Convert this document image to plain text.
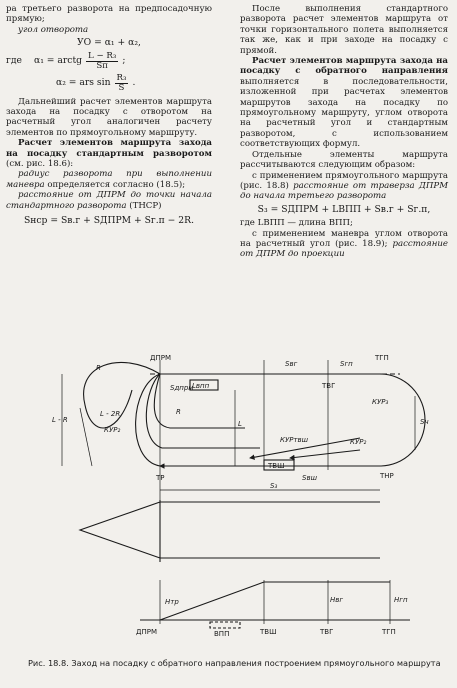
ра третьего разворота на предпосадочную прямую;

угол отворота

УО = α₁ + α₂,
где	α₁ = arctg $\frac{\text{L − R₃}}{Sп}$ ;
α₂ = ars $\sin \frac{\text{R₃}}{S}$ .

Дальнейший расчет элементов маршрута захода на посадку с отворотом на расчетный угол аналогичен расчету элементов по прямоугольному маршруту.

Расчет элементов маршрута захода на посадку стандартным разворотом (см. рис. 18.6):

радиус разворота при выполнении маневра определяется согласно (18.5);

расстояние от ДПРМ до точки начала стандартного разворота (ТНСР)

Sнср = Sв.г + SДПРМ + Sг.п − 2R.

После выполнения стандартного разворота расчет элементов маршрута от точки горизонтального полета выполняется так же, как и при заходе на посадку с прямой.

Расчет элементов маршрута захода на посадку с обратного направления выполняется в последовательности, изложенной при расчетах элементов маршрутов захода на посадку по прямоугольному маршруту, углом отворота на расчетный угол и стандартным разворотом, с использованием соответствующих формул.

Отдельные элементы маршрута рассчитываются следующим образом:

с применением прямоугольного маршрута (рис. 18.8) расстояние от траверза ДПРМ до начала третьего разворота

S₃ = SДПРМ + LВПП + Sв.г + Sг.п,

где LВПП — длина ВПП;

с применением маневра углом отворота на расчетный угол (рис. 18.9); расстояние от ДПРМ до проекции

ДПРМ
Sдпрм
Lвпп
Sвг	Sгп
ТГП
ТВГ
КУР₃
Sч
L - R
L - 2R
КУР₂
R
R
L
КУРтвш	КУР₂
ТР
ТВШ
Sвш	ТНР
S₃
Hтр	Hвг	Hгп
ДПРМ	ВПП	ТВШ	ТВГ	ТГП
Рис. 18.8. Заход на посадку с обратного направления построением прямоугольного маршрута
